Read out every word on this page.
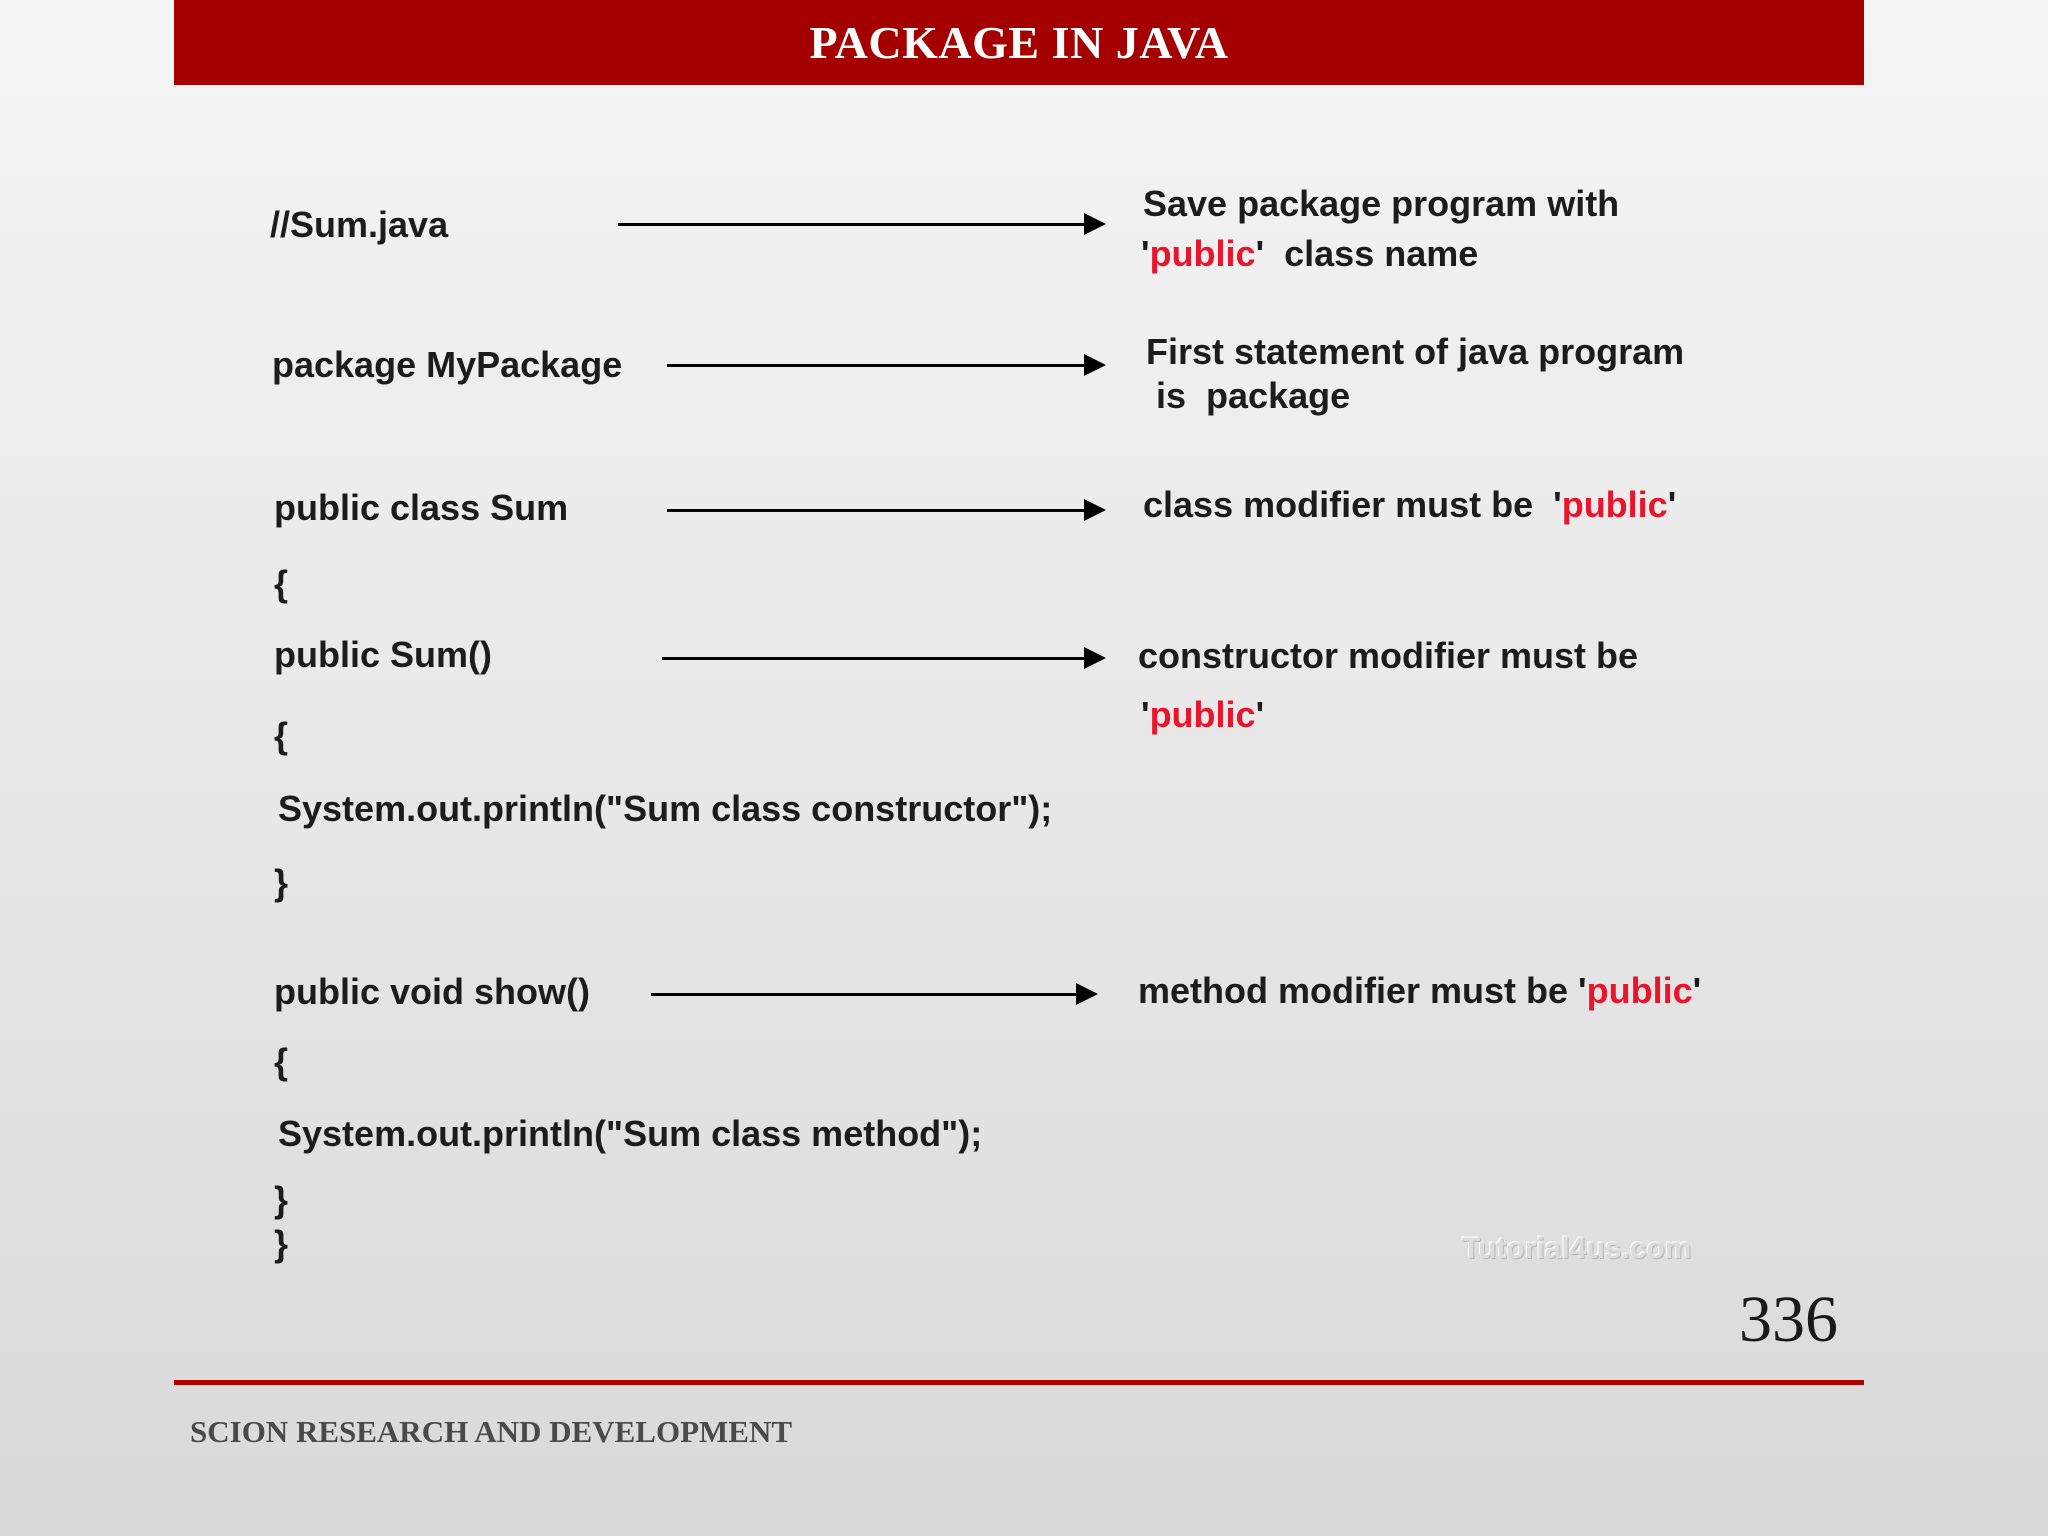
PACKAGE IN JAVA
//Sum.java
package MyPackage
public class Sum
{
public Sum()
{
System.out.println("Sum class constructor");
}
public void show()
{
System.out.println("Sum class method");
}
}
Save package program with
'public'  class name
First statement of java program
is  package
class modifier must be  'public'
constructor modifier must be
'public'
method modifier must be 'public'
Tutorial4us.com
336
SCION RESEARCH AND DEVELOPMENT
